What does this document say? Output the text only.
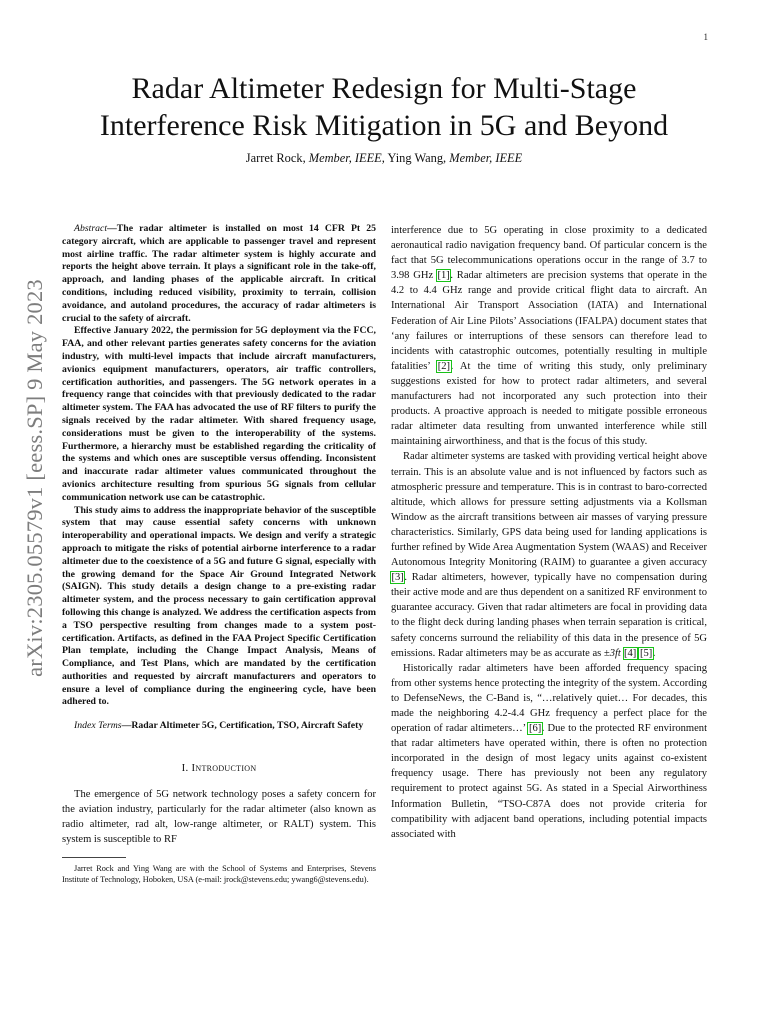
1
arXiv:2305.05579v1 [eess.SP] 9 May 2023
Radar Altimeter Redesign for Multi-Stage
Interference Risk Mitigation in 5G and Beyond
Jarret Rock, Member, IEEE, Ying Wang, Member, IEEE

Abstract—The radar altimeter is installed on most 14 CFR Pt 25 category aircraft, which are applicable to passenger travel and represent most airline traffic. The radar altimeter system is highly accurate and reports the height above terrain. It plays a significant role in the take-off, approach, and landing phases of the applicable aircraft. In critical conditions, including reduced visibility, proximity to terrain, collision avoidance, and autoland procedures, the accuracy of radar altimeters is crucial to the safety of aircraft.

Effective January 2022, the permission for 5G deployment via the FCC, FAA, and other relevant parties generates safety concerns for the aviation industry, with multi-level impacts that include aircraft manufacturers, avionics equipment manufacturers, operators, air traffic controllers, certification authorities, and passengers. The 5G network operates in a frequency range that coincides with that previously dedicated to the radar altimeter system. The FAA has advocated the use of RF filters to purify the signals received by the radar altimeter. With shared frequency usage, considerations must be given to the interoperability of the systems. Furthermore, a hierarchy must be established regarding the criticality of the systems and which ones are susceptible versus offending. Inconsistent and inaccurate radar altimeter values communicated throughout the avionics architecture resulting from spurious 5G signals from cellular communication network use can be catastrophic.

This study aims to address the inappropriate behavior of the susceptible system that may cause essential safety concerns with unknown interoperability and operational impacts. We design and verify a strategic approach to mitigate the risks of potential airborne interference to a radar altimeter due to the coexistence of a 5G and future G signal, especially with the growing demand for the Space Air Ground Integrated Network (SAIGN). This study details a design change to a pre-existing radar altimeter system, and the process necessary to gain certification approval following this change is analyzed. We address the certification aspects from a TSO perspective resulting from changes made to a system post-certification. Artifacts, as defined in the FAA Project Specific Certification Plan template, including the Change Impact Analysis, Means of Compliance, and Test Plans, which are mandated by the certification authorities and requested by aircraft manufacturers and operators to ensure a level of compliance during the engineering cycle, have been adhered to.

Index Terms—Radar Altimeter 5G, Certification, TSO, Aircraft Safety
I. Introduction

The emergence of 5G network technology poses a safety concern for the aviation industry, particularly for the radar altimeter (also known as radio altimeter, rad alt, low-range altimeter, or RALT) system. This system is susceptible to RF

Jarret Rock and Ying Wang are with the School of Systems and Enterprises, Stevens Institute of Technology, Hoboken, USA (e-mail: jrock@stevens.edu; ywang6@stevens.edu).

interference due to 5G operating in close proximity to a dedicated aeronautical radio navigation frequency band. Of particular concern is the fact that 5G telecommunications operations occur in the range of 3.7 to 3.98 GHz [1]. Radar altimeters are precision systems that operate in the 4.2 to 4.4 GHz range and provide critical flight data to aircraft. An International Air Transport Association (IATA) and International Federation of Air Line Pilots’ Associations (IFALPA) document states that ‘any failures or interruptions of these sensors can therefore lead to incidents with catastrophic outcomes, potentially resulting in multiple fatalities’ [2]. At the time of writing this study, only preliminary suggestions existed for how to protect radar altimeters, and several manufacturers had not incorporated any such protection into their products. A proactive approach is needed to mitigate possible erroneous radar altimeter data resulting from unwanted interference while still maintaining airworthiness, and that is the focus of this study.

Radar altimeter systems are tasked with providing vertical height above terrain. This is an absolute value and is not influenced by factors such as atmospheric pressure and temperature. This is in contrast to baro-corrected altitude, which allows for pressure setting adjustments via a Kollsman Window as the aircraft transitions between air masses of varying pressure characteristics. Similarly, GPS data being used for landing applications is further refined by Wide Area Augmentation System (WAAS) and Receiver Autonomous Integrity Monitoring (RAIM) to guarantee a given accuracy [3]. Radar altimeters, however, typically have no compensation during their active mode and are thus dependent on a sanitized RF environment to guarantee accuracy. Given that radar altimeters are focal in providing data to the flight deck during landing phases when terrain separation is critical, safety concerns surround the reliability of this data in the presence of 5G emissions. Radar altimeters may be as accurate as ±3ft [4] [5].

Historically radar altimeters have been afforded frequency spacing from other systems hence protecting the integrity of the system. According to DefenseNews, the C-Band is, “…relatively quiet… For decades, this made the neighboring 4.2-4.4 GHz frequency a perfect place for the operation of radar altimeters…’ [6]. Due to the protected RF environment that radar altimeters have operated within, there is often no protection incorporated in the design of most legacy units against co-existent frequency usage. There has previously not been any regulatory requirement to protect against 5G. As stated in a Special Airworthiness Information Bulletin, “TSO-C87A does not provide criteria for compatibility with adjacent band operations, including potential impacts associated with
